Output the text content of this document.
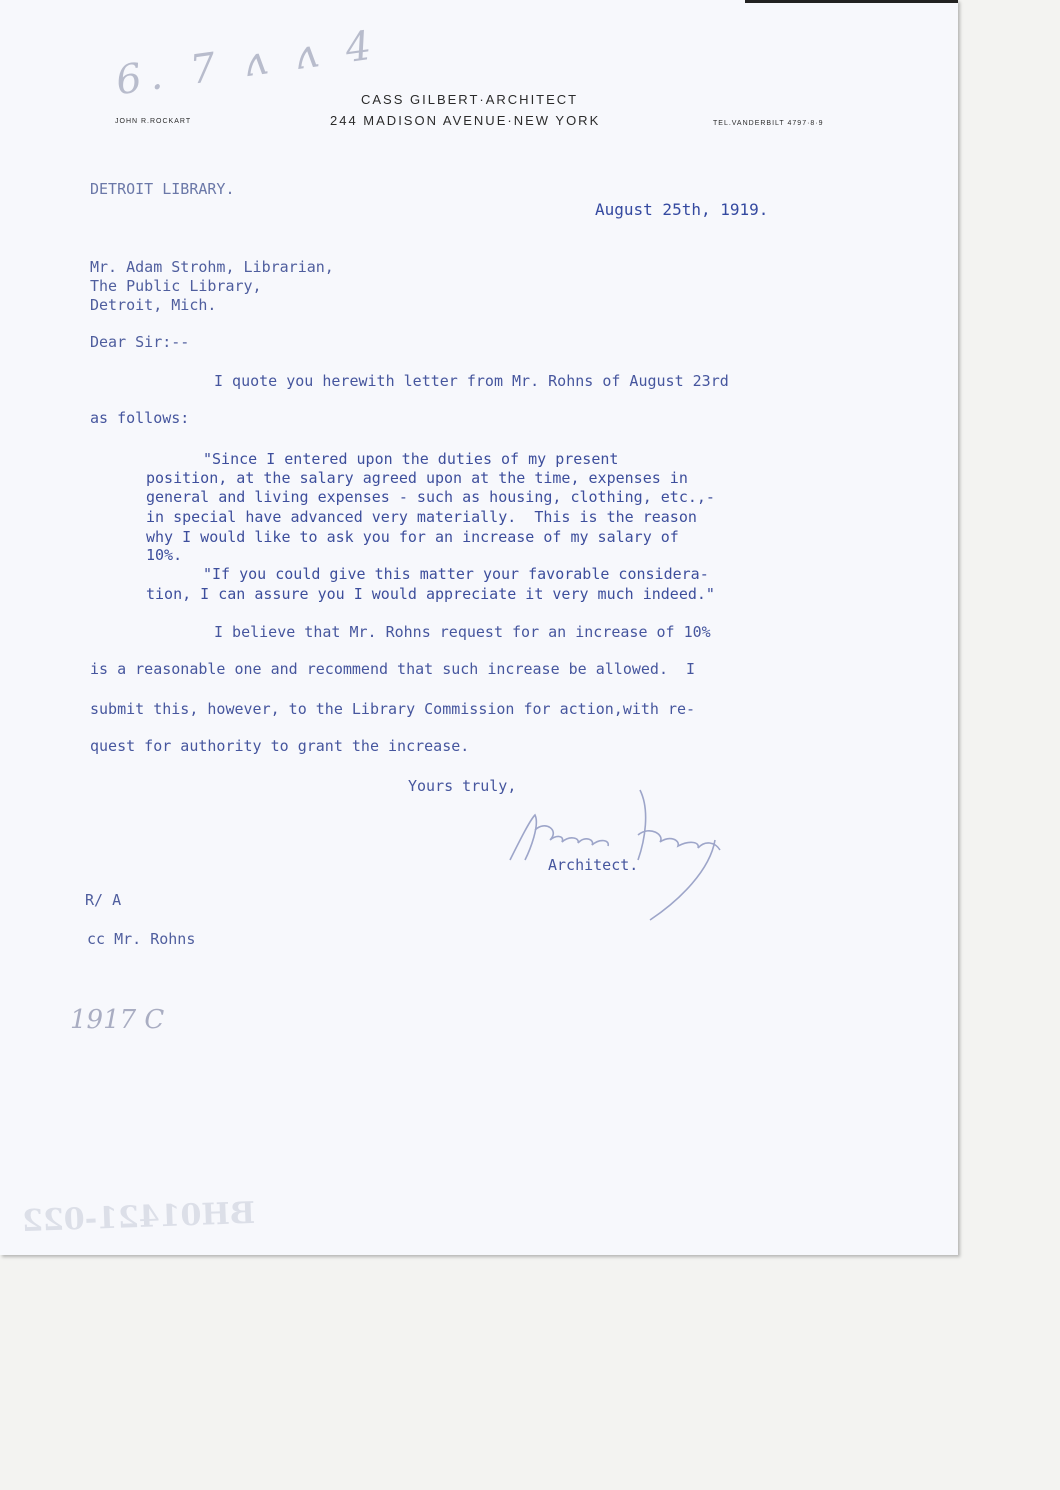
6. 7 ʌ ʌ 4
CASS GILBERT·ARCHITECT
244 MADISON AVENUE·NEW YORK
JOHN R.ROCKART	TEL.VANDERBILT 4797·8·9
DETROIT LIBRARY.
August 25th, 1919.
Mr. Adam Strohm, Librarian,
The Public Library,
Detroit, Mich.
Dear Sir:--
I quote you herewith letter from Mr. Rohns of August 23rd
as follows:
"Since I entered upon the duties of my present
position, at the salary agreed upon at the time, expenses in
general and living expenses - such as housing, clothing, etc.,-
in special have advanced very materially.  This is the reason
why I would like to ask you for an increase of my salary of
10%.
"If you could give this matter your favorable considera-
tion, I can assure you I would appreciate it very much indeed."
I believe that Mr. Rohns request for an increase of 10%
is a reasonable one and recommend that such increase be allowed.  I
submit this, however, to the Library Commission for action,with re-
quest for authority to grant the increase.
Yours truly,
Architect.
R/ A
cc Mr. Rohns
1917 C
BH01421-022
